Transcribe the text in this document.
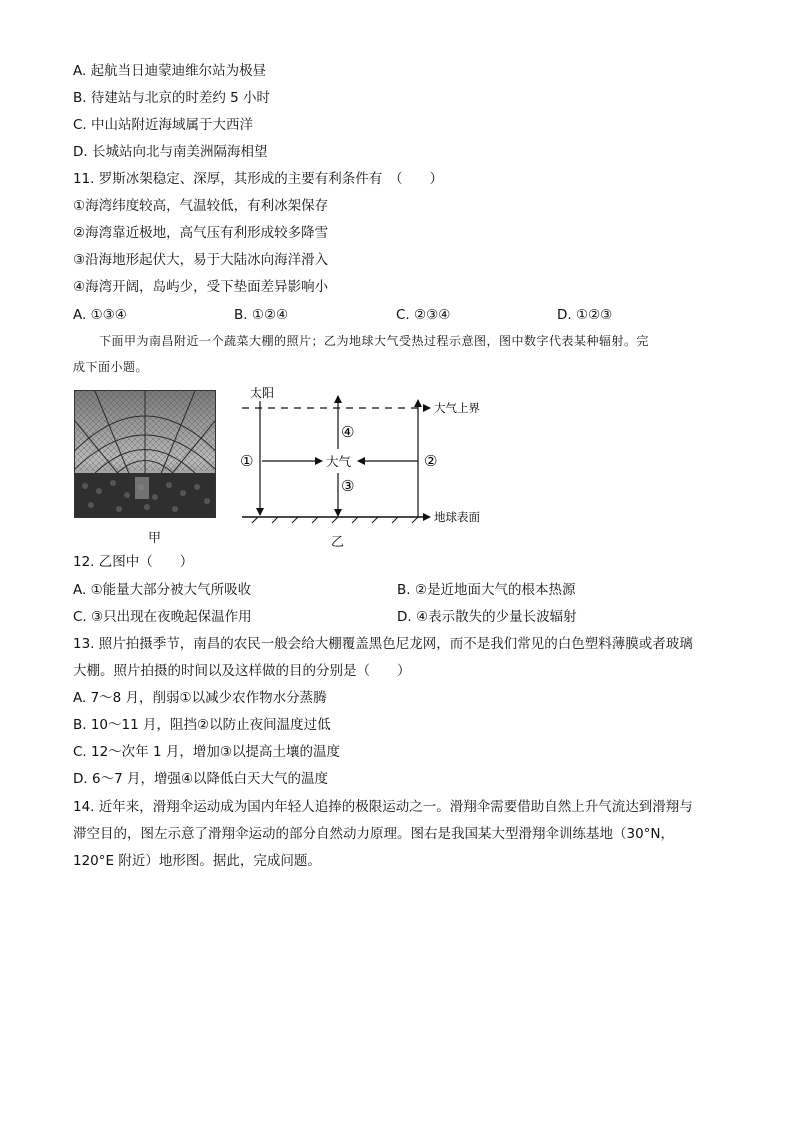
A. 起航当日迪蒙迪维尔站为极昼
B. 待建站与北京的时差约 5 小时
C. 中山站附近海域属于大西洋
D. 长城站向北与南美洲隔海相望
11. 罗斯冰架稳定、深厚，其形成的主要有利条件有　（　　）
①海湾纬度较高，气温较低，有利冰架保存
②海湾靠近极地，高气压有利形成较多降雪
③沿海地形起伏大，易于大陆冰向海洋滑入
④海湾开阔，岛屿少，受下垫面差异影响小
A. ①③④	B. ①②④	C. ②③④	D. ①②③
下面甲为南昌附近一个蔬菜大棚的照片；乙为地球大气受热过程示意图，图中数字代表某种辐射。完
成下面小题。
甲
太阳
大气上界
地球表面
大气
①	②
③
④
乙
12. 乙图中（　　）
A. ①能量大部分被大气所吸收	B. ②是近地面大气的根本热源
C. ③只出现在夜晚起保温作用	D. ④表示散失的少量长波辐射
13. 照片拍摄季节，南昌的农民一般会给大棚覆盖黑色尼龙网，而不是我们常见的白色塑料薄膜或者玻璃
大棚。照片拍摄的时间以及这样做的目的分别是（　　）
A. 7～8 月，削弱①以减少农作物水分蒸腾
B. 10～11 月，阻挡②以防止夜间温度过低
C. 12～次年 1 月，增加③以提高土壤的温度
D. 6～7 月，增强④以降低白天大气的温度
14. 近年来，滑翔伞运动成为国内年轻人追捧的极限运动之一。滑翔伞需要借助自然上升气流达到滑翔与
滞空目的，图左示意了滑翔伞运动的部分自然动力原理。图右是我国某大型滑翔伞训练基地（30°N，
120°E 附近）地形图。据此，完成问题。
